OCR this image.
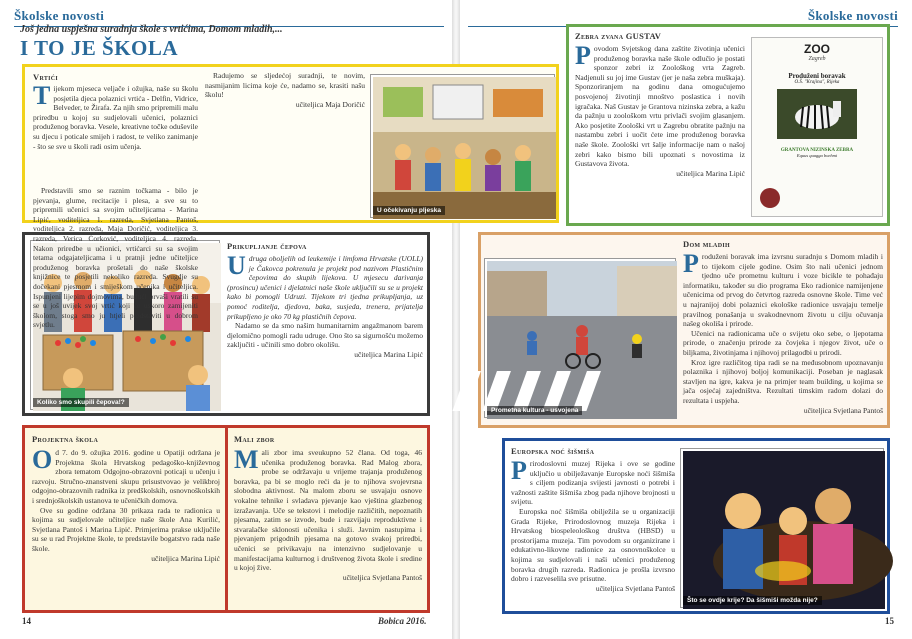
Školske novosti
Još jedna uspješna suradnja škole s vrtićima, Domom mladih,...
I TO JE ŠKOLA
Vrtići

Tijekom mjeseca veljače i ožujka, naše su školu posjetila djeca polaznici vrtića - Delfin, Vidrice, Belveder, te Žirafa. Za njih smo pripremili malu priredbu u kojoj su sudjelovali učenici, polaznici produženog boravka. Vesele, kreativne točke oduševile su djecu i poticale smijeh i radost, te veliko zanimanje - što se sve u školi radi osim učenja.

Predstavili smo se raznim točkama - bilo je pjevanja, glume, recitacije i plesa, a sve su to pripremili učenici sa svojim učiteljicama - Marina Lipić, voditeljica 1. razreda, Svjetlana Pantoš, voditeljica 2. razreda, Maja Doričić, voditeljica 3. razreda, Verica Ćorković, voditeljica 4. razreda. Nakon priredbe u učionici, vrtićarci su sa svojim tetama odgajateljicama i u pratnji jedne učiteljice produženog boravka prošetali do naše školske knjižnice te posjetili nekoliko razreda. Svugdje su dočekani pjesmom i smiješkom učenika i učiteljica. Ispunjeni lijepim dojmovima, budući prvaši vratili su se u još uvijek svoj vrtić koji će uskoro zamijeniti školom, stoga smo ju htjeli predstaviti u dobrom svjetlu.

Radujemo se sljedećoj suradnji, te novim, nasmijanim licima koje će, nadamo se, krasiti našu školu!

učiteljica Maja Doričić
U očekivanju pljeska
Koliko smo skupili čepova!?
Prikupljanje čepova

Udruga oboljelih od leukemije i limfoma Hrvatske (UOLL) je Čakovca pokrenula je projekt pod nazivom Plastičnim čepovima do skupih lijekova. U mjesecu darivanja (prosincu) učenici i djelatnici naše škole uključili su se u projekt kako bi pomogli Udruzi. Tijekom tri tjedna prikupljanja, uz pomoć roditelja, djedova, baka, susjeda, trenera, prijatelja prikupljeno je oko 70 kg plastičnih čepova.

Nadamo se da smo našim humanitarnim angažmanom barem djelomično pomogli radu udruge. Ono što sa sigurnošću možemo zaključiti - učinili smo dobro okolišu.

učiteljica Marina Lipić
Projektna škola

Od 7. do 9. ožujka 2016. godine u Opatiji održana je Projektna škola Hrvatskog pedagoško-književnog zbora tematom Odgojno-obrazovni poticaji u učenju i razvoju. Stručno-znanstveni skupu prisustvovao je velikbroj odgojno-obrazovnih radnika iz predškolskih, osnovnoškolskih i srednjoškolskih ustanova te učeničkih domova.

Ove su godine održana 30 prikaza rada te radionica u kojima su sudjelovale učiteljice naše škole Ana Kurilić, Svjetlana Pantoš i Marina Lipić. Primjerima prakse uključile su se u rad Projektne škole, te predstavile bogatstvo rada naše škole.

učiteljica Marina Lipić
Mali zbor

Mali zbor ima sveukupno 52 člana. Od toga, 46 učenika produženog boravka. Rad Malog zbora, probe se održavaju u vrijeme trajanja produženog boravka, pa bi se moglo reći da je to njihova svojevrsna slobodna aktivnost. Na malom zboru se usvajaju osnove vokalne tehnike i svladava pjevanje kao vještina glazbenog izražavanja. Uče se tekstovi i melodije različitih, nepoznatih pjesama, zatim se izvode, bude i razvijaju reproduktivne i stvaralačke sklonosti učenika i služi. Javnim nastupima i pjevanjem prigodnih pjesama na gotovo svakoj priredbi, učenici se privikavaju na intenzivno sudjelovanje u manifestacijama kulturnog i društvenog života škole i sredine u kojoj žive.

učiteljica Svjetlana Pantoš
14	Bobica 2016.
Školske novosti
Zebra zvana GUSTAV

Povodom Svjetskog dana zaštite životinja učenici produženog boravka naše škole odlučio je postati sponzor zebri iz Zoološkog vrta Zagreb. Nadjenuli su joj ime Gustav (jer je naša zebra muškaja). Sponzoriranjem na godinu dana omogućujemo posvojenoj životinji mnoštvo poslastica i novih igračaka. Naš Gustav je Grantova nizinska zebra, a kažu da pažnju u zoološkom vrtu privlači svojim glasanjem. Ako posjetite Zoološki vrt u Zagrebu obratite pažnju na nastambu zebri i uočit ćete ime produženog boravka naše škole. Zoološki vrt šalje informacije nam o našoj zebri kako bismo bili upoznati s novostima iz Gustavova života.

učiteljica Marina Lipić
ZOO
Zagreb
Produženi boravak
O.Š. "Krajina", Rijeka
GRANTOVA NIZINSKA ZEBRA
Equus quagga boehmi
Prometna kultura - usvojena
Dom mladih

Produženi boravak ima izvrsnu suradnju s Domom mladih i to tijekom cijele godine. Osim što nali učenici jednom tjedno uče prometnu kulturu i voze bicikle te pohađaju informatiku, također su dio programa Eko radionice namijenjene učenicima od prvog do četvrtog razreda osnovne škole. Time već u najranijoj dobi polaznici ekološke radionice usvajaju temelje pravilnog ponašanja u svakodnevnom životu u cilju očuvanja našeg okoliša i prirode.

Učenici na radionicama uče o svijetu oko sebe, o ljepotama prirode, o značenju prirode za čovjeka i njegov život, uče o biljkama, životinjama i njihovoj prilagodbi u prirodi.

Kroz igre različitog tipa radi se na međusobnom upoznavanju polaznika i njihovoj boljoj komunikaciji. Poseban je naglasak stavljen na igre, kakva je na primjer team building, u kojima se jača osjećaj zajedništva. Rezultati timskim radom dolazi do rezultata i uspjeha.

učiteljica Svjetlana Pantoš
Europska noć šišmiša

Prirodoslovni muzej Rijeka i ove se godine uključio u obilježavanje Europske noći šišmiša s ciljem podizanja svijesti javnosti o potrebi i važnosti zaštite šišmiša zbog pada njihove brojnosti u svijetu.

Europska noć šišmiša obilježila se u organizaciji Grada Rijeke, Prirodoslovnog muzeja Rijeka i Hrvatskog biospeleološkog društva (HBSD) u prostorijama muzeja. Tim povodom su organizirane i edukativno-likovne radionice za osnovnoškolce u kojima su sudjelovali i naši učenici produženog boravka drugih razreda. Radionica je prošla izvrsno dobro i razveselila sve prisutne.

učiteljica Svjetlana Pantoš
Što se ovdje krije? Da šišmiši možda nije?
15
